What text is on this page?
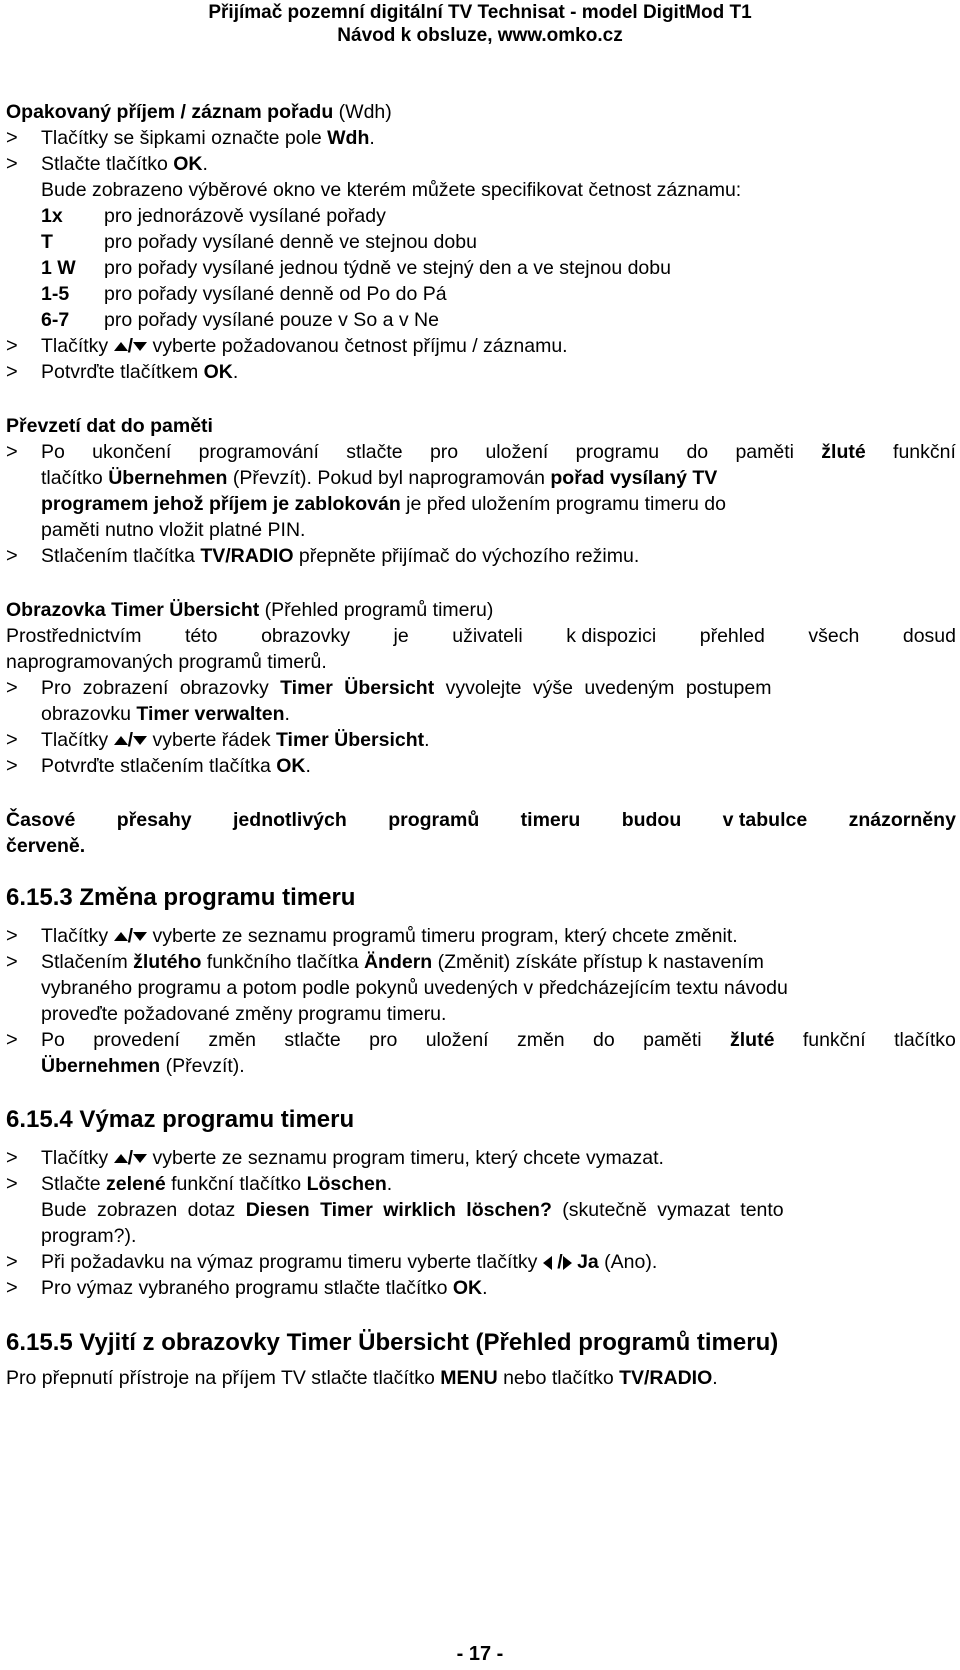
Přijímač pozemní digitální TV Technisat - model DigitMod T1
Návod k obsluze, www.omko.cz
Opakovaný příjem / záznam pořadu (Wdh)
> Tlačítky se šipkami označte pole Wdh.
> Stlačte tlačítko OK.
Bude zobrazeno výběrové okno ve kterém můžete specifikovat četnost záznamu:
1x pro jednorázově vysílané pořady
T	pro pořady vysílané denně ve stejnou dobu
1 W pro pořady vysílané jednou týdně ve stejný den a ve stejnou dobu
1-5 pro pořady vysílané denně od Po do Pá
6-7 pro pořady vysílané pouze v So a v Ne
> Tlačítky / vyberte požadovanou četnost příjmu / záznamu.
> Potvrďte tlačítkem OK.
Převzetí dat do paměti
> Po ukončení programování stlačte pro uložení programu do paměti žluté funkční
tlačítko Übernehmen (Převzít). Pokud byl naprogramován pořad vysílaný TV
programem jehož příjem je zablokován je před uložením programu timeru do
paměti nutno vložit platné PIN.
> Stlačením tlačítka TV/RADIO přepněte přijímač do výchozího režimu.
Obrazovka Timer Übersicht (Přehled programů timeru)
Prostřednictvím této obrazovky je uživateli k dispozici přehled všech dosud
naprogramovaných programů timerů.
> Pro zobrazení obrazovky Timer Übersicht vyvolejte výše uvedeným postupem
obrazovku Timer verwalten.
> Tlačítky / vyberte řádek Timer Übersicht.
> Potvrďte stlačením tlačítka OK.
Časové přesahy jednotlivých programů timeru budou v tabulce znázorněny
červeně.
6.15.3 Změna programu timeru
> Tlačítky / vyberte ze seznamu programů timeru program, který chcete změnit.
> Stlačením žlutého funkčního tlačítka Ändern (Změnit) získáte přístup k nastavením
vybraného programu a potom podle pokynů uvedených v předcházejícím textu návodu
proveďte požadované změny programu timeru.
> Po provedení změn stlačte pro uložení změn do paměti žluté funkční tlačítko
Übernehmen (Převzít).
6.15.4 Výmaz programu timeru
> Tlačítky / vyberte ze seznamu program timeru, který chcete vymazat.
> Stlačte zelené funkční tlačítko Löschen.
Bude zobrazen dotaz Diesen Timer wirklich löschen? (skutečně vymazat tento
program?).
> Při požadavku na výmaz programu timeru vyberte tlačítky  / Ja (Ano).
> Pro výmaz vybraného programu stlačte tlačítko OK.
6.15.5 Vyjití z obrazovky Timer Übersicht (Přehled programů timeru)
Pro přepnutí přístroje na příjem TV stlačte tlačítko MENU nebo tlačítko TV/RADIO.
- 17 -
